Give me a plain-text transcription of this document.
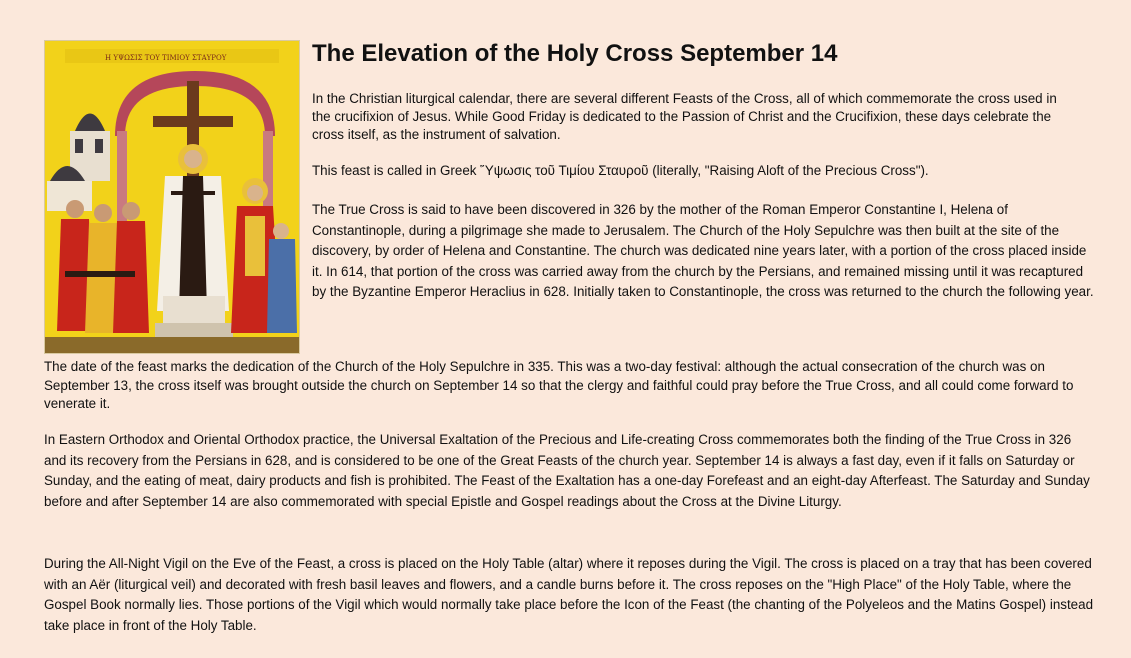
Η ΥΨΩΣΙΣ ΤΟΥ ΤΙΜΙΟΥ ΣΤΑΥΡΟΥ	The Elevation of the Holy Cross September 14

In the Christian liturgical calendar, there are several different Feasts of the Cross, all of which commemorate the cross used in the crucifixion of Jesus. While Good Friday is dedicated to the Passion of Christ and the Crucifixion, these days celebrate the cross itself, as the instrument of salvation.

This feast is called in Greek Ὕψωσις τοῦ Τιμίου Σταυροῦ (literally, "Raising Aloft of the Precious Cross").

The True Cross is said to have been discovered in 326 by the mother of the Roman Emperor Constantine I, Helena of Constantinople, during a pilgrimage she made to Jerusalem. The Church of the Holy Sepulchre was then built at the site of the discovery, by order of Helena and Constantine. The church was dedicated nine years later, with a portion of the cross placed inside it. In 614, that portion of the cross was carried away from the church by the Persians, and remained missing until it was recaptured by the Byzantine Emperor Heraclius in 628. Initially taken to Constantinople, the cross was returned to the church the following year.

The date of the feast marks the dedication of the Church of the Holy Sepulchre in 335. This was a two-day festival: although the actual consecration of the church was on September 13, the cross itself was brought outside the church on September 14 so that the clergy and faithful could pray before the True Cross, and all could come forward to venerate it.

In Eastern Orthodox and Oriental Orthodox practice, the Universal Exaltation of the Precious and Life-creating Cross commemorates both the finding of the True Cross in 326 and its recovery from the Persians in 628, and is considered to be one of the Great Feasts of the church year. September 14 is always a fast day, even if it falls on Saturday or Sunday, and the eating of meat, dairy products and fish is prohibited. The Feast of the Exaltation has a one-day Forefeast and an eight-day Afterfeast. The Saturday and Sunday before and after September 14 are also commemorated with special Epistle and Gospel readings about the Cross at the Divine Liturgy.

During the All-Night Vigil on the Eve of the Feast, a cross is placed on the Holy Table (altar) where it reposes during the Vigil. The cross is placed on a tray that has been covered with an Aër (liturgical veil) and decorated with fresh basil leaves and flowers, and a candle burns before it. The cross reposes on the "High Place" of the Holy Table, where the Gospel Book normally lies. Those portions of the Vigil which would normally take place before the Icon of the Feast (the chanting of the Polyeleos and the Matins Gospel) instead take place in front of the Holy Table.
